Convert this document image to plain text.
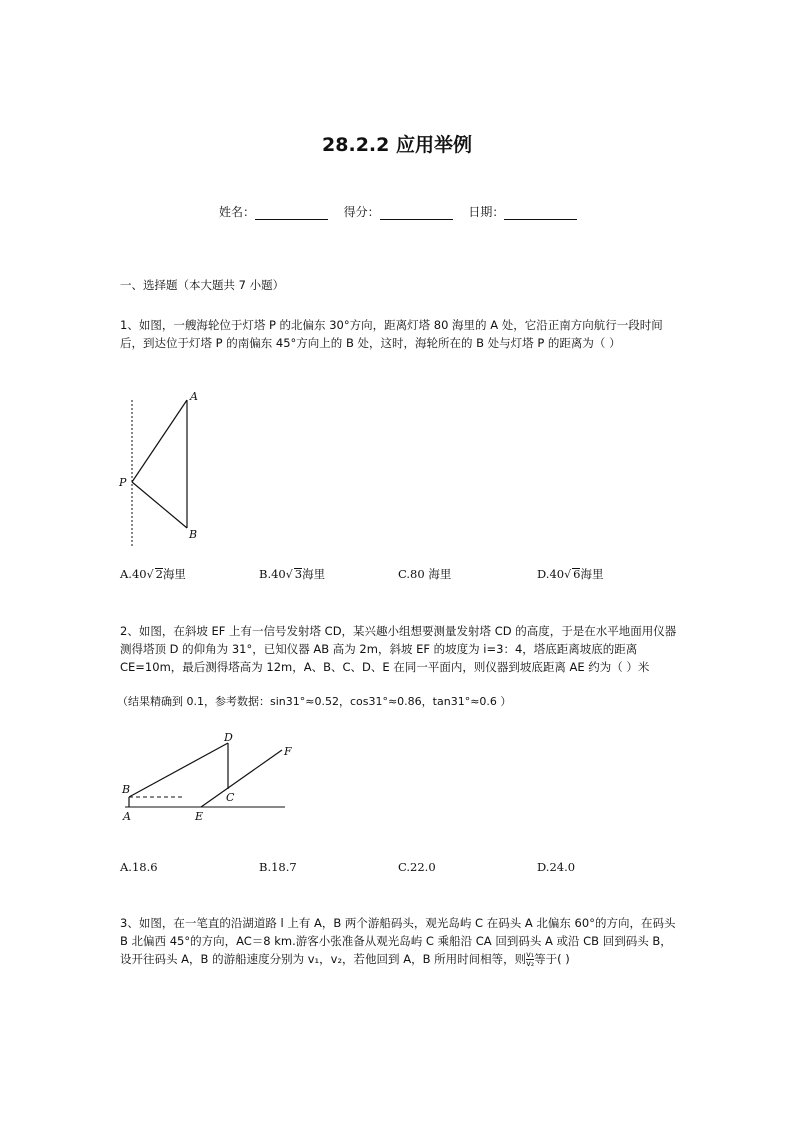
28.2.2 应用举例
姓名：	得分：	日期：
一、选择题（本大题共 7 小题）
1、如图，一艘海轮位于灯塔 P 的北偏东 30°方向，距离灯塔 80 海里的 A 处，它沿正南方向航行一段时间后，到达位于灯塔 P 的南偏东 45°方向上的 B 处，这时，海轮所在的 B 处与灯塔 P 的距离为（ ）
A
P
B
A.40√ 2海里	B.40√ 3海里	C.80 海里	D.40√ 6海里
2、如图，在斜坡 EF 上有一信号发射塔 CD，某兴趣小组想要测量发射塔 CD 的高度，于是在水平地面用仪器测得塔顶 D 的仰角为 31°，已知仪器 AB 高为 2m，斜坡 EF 的坡度为 i=3：4，塔底距离坡底的距离 CE=10m，最后测得塔高为 12m，A、B、C、D、E 在同一平面内，则仪器到坡底距离 AE 约为（ ）米
（结果精确到 0.1，参考数据：sin31°≈0.52，cos31°≈0.86，tan31°≈0.6 ）
D
F
B
C
A	E
A.18.6	B.18.7	C.22.0	D.24.0
3、如图，在一笔直的沿湖道路 l 上有 A，B 两个游船码头，观光岛屿 C 在码头 A 北偏东 60°的方向，在码头 B 北偏西 45°的方向，AC＝8 km.游客小张准备从观光岛屿 C 乘船沿 CA 回到码头 A 或沿 CB 回到码头 B，设开往码头 A，B 的游船速度分别为 v₁，v₂，若他回到 A，B 所用时间相等，则 $\frac{\text{v₁}}{\text{v₂}}$ 等于( )
